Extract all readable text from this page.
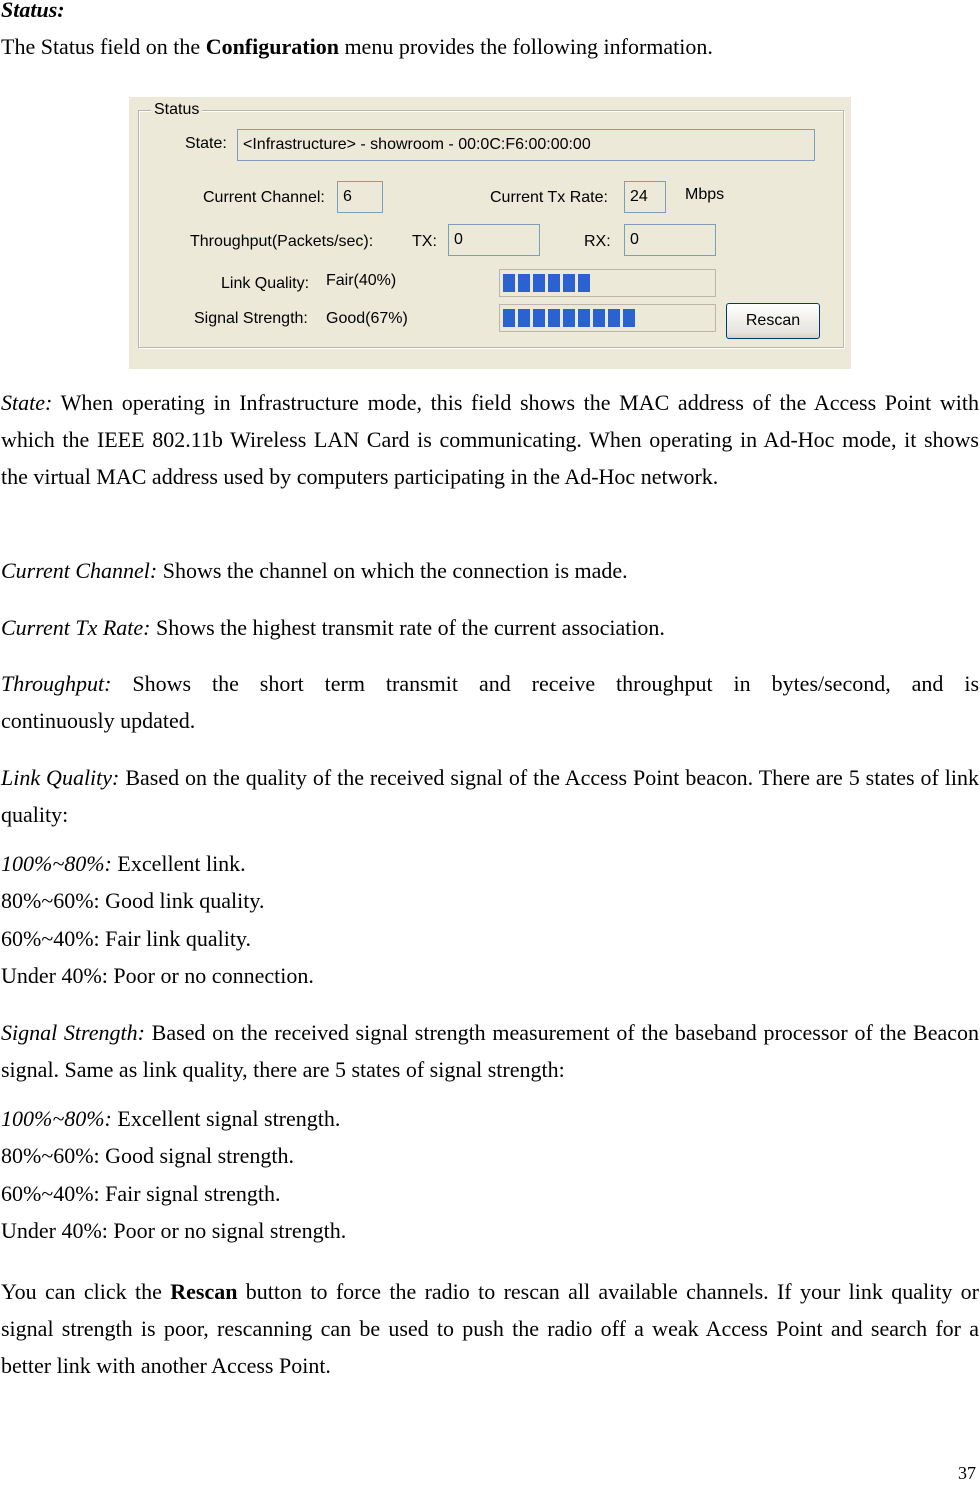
Status:

The Status field on the Configuration menu provides the following information.

Status
State:	<Infrastructure> - showroom - 00:0C:F6:00:00:00
Current Channel:	6	Current Tx Rate:	24	Mbps
Throughput(Packets/sec): TX:	0	RX:	0
Link Quality: Fair(40%)
Signal Strength: Good(67%)	Rescan

State: When operating in Infrastructure mode, this field shows the MAC address of the Access Point with which the IEEE 802.11b Wireless LAN Card is communicating. When operating in Ad-Hoc mode, it shows the virtual MAC address used by computers participating in the Ad-Hoc network.

Current Channel: Shows the channel on which the connection is made.

Current Tx Rate: Shows the highest transmit rate of the current association.

Throughput: Shows the short term transmit and receive throughput in bytes/second, and is

continuously updated.

Link Quality: Based on the quality of the received signal of the Access Point beacon. There are 5 states of link quality:

100%~80%: Excellent link.

80%~60%: Good link quality.

60%~40%: Fair link quality.

Under 40%: Poor or no connection.

Signal Strength: Based on the received signal strength measurement of the baseband processor of the Beacon signal. Same as link quality, there are 5 states of signal strength:

100%~80%: Excellent signal strength.

80%~60%: Good signal strength.

60%~40%: Fair signal strength.

Under 40%: Poor or no signal strength.

You can click the Rescan button to force the radio to rescan all available channels. If your link quality or signal strength is poor, rescanning can be used to push the radio off a weak Access Point and search for a better link with another Access Point.

37
